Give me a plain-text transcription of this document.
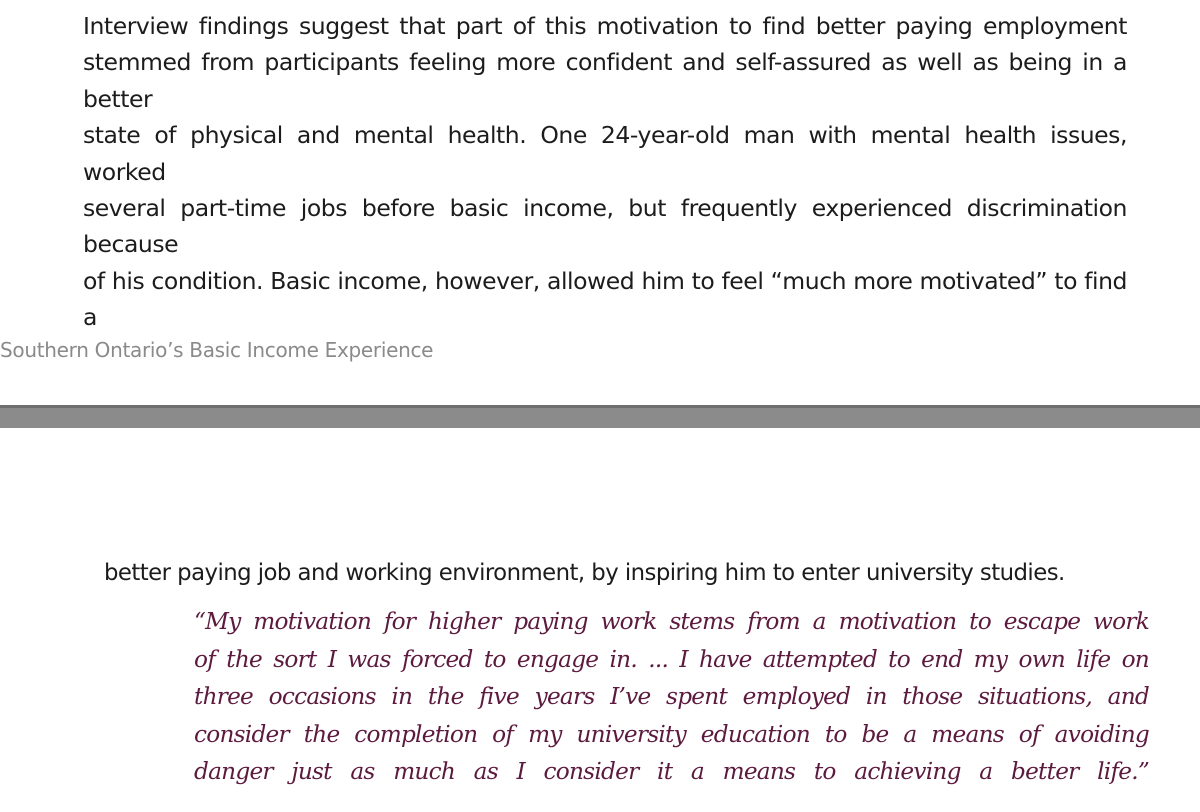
Interview findings suggest that part of this motivation to find better paying employment
stemmed from participants feeling more confident and self-assured as well as being in a better
state of physical and mental health. One 24-year-old man with mental health issues, worked
several part-time jobs before basic income, but frequently experienced discrimination because
of his condition. Basic income, however, allowed him to feel “much more motivated” to find a

Southern Ontario’s Basic Income Experience

better paying job and working environment, by inspiring him to enter university studies.

“My motivation for higher paying work stems from a motivation to escape work
of the sort I was forced to engage in. ... I have attempted to end my own life on
three occasions in the five years I’ve spent employed in those situations, and
consider the completion of my university education to be a means of avoiding
danger just as much as I consider it a means to achieving a better life.”
